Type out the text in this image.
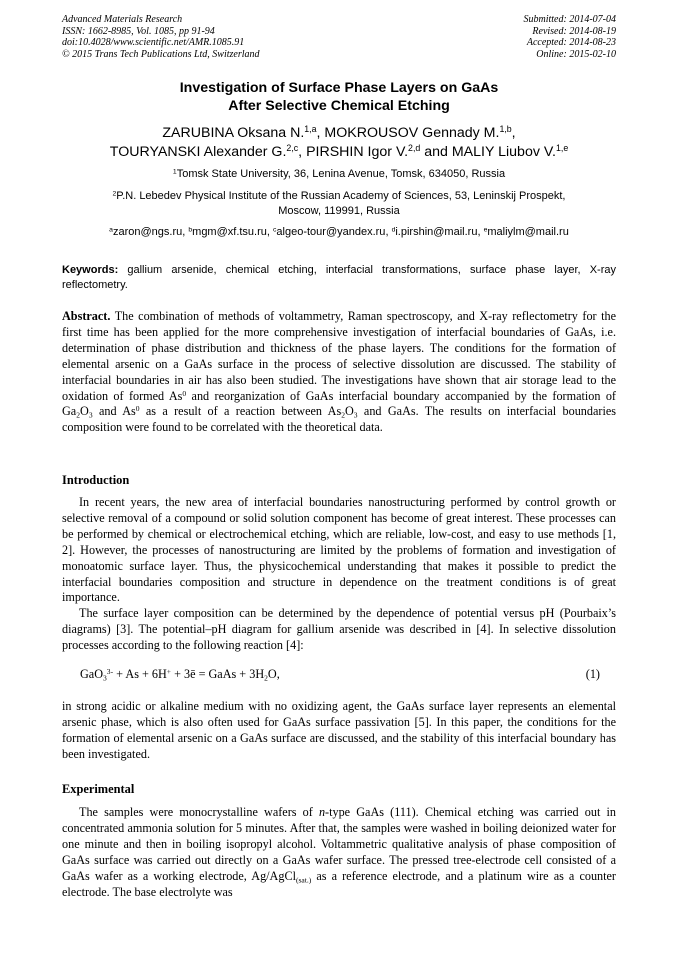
Advanced Materials Research
ISSN: 1662-8985, Vol. 1085, pp 91-94
doi:10.4028/www.scientific.net/AMR.1085.91
© 2015 Trans Tech Publications Ltd, Switzerland
Submitted: 2014-07-04
Revised: 2014-08-19
Accepted: 2014-08-23
Online: 2015-02-10
Investigation of Surface Phase Layers on GaAs
After Selective Chemical Etching
ZARUBINA Oksana N.$^{1,a}$, MOKROUSOV Gennady M.$^{1,b}$,
TOURYANSKI Alexander G.$^{2,c}$, PIRSHIN Igor V.$^{2,d}$ and MALIY Liubov V.$^{1,e}$
$^1$Tomsk State University, 36, Lenina Avenue, Tomsk, 634050, Russia
$^2$P.N. Lebedev Physical Institute of the Russian Academy of Sciences, 53, Leninskij Prospekt,
Moscow, 119991, Russia
$^a$zaron@ngs.ru, $^b$mgm@xf.tsu.ru, $^c$algeo-tour@yandex.ru, $^d$i.pirshin@mail.ru, $^e$maliylm@mail.ru
Keywords: gallium arsenide, chemical etching, interfacial transformations, surface phase layer, X-ray reflectometry.
Abstract. The combination of methods of voltammetry, Raman spectroscopy, and X-ray reflectometry for the first time has been applied for the more comprehensive investigation of interfacial boundaries of GaAs, i.e. determination of phase distribution and thickness of the phase layers. The conditions for the formation of elemental arsenic on a GaAs surface in the process of selective dissolution are discussed. The stability of interfacial boundaries in air has also been studied. The investigations have shown that air storage lead to the oxidation of formed As$^0$ and reorganization of GaAs interfacial boundary accompanied by the formation of $Ga_2O_3$ and As$^0$ as a result of a reaction between $As_2O_3$ and GaAs. The results on interfacial boundaries composition were found to be correlated with the theoretical data.
Introduction

In recent years, the new area of interfacial boundaries nanostructuring performed by control growth or selective removal of a compound or solid solution component has become of great interest. These processes can be performed by chemical or electrochemical etching, which are reliable, low-cost, and easy to use methods [1, 2]. However, the processes of nanostructuring are limited by the problems of formation and investigation of monoatomic surface layer. Thus, the physicochemical understanding that makes it possible to predict the interfacial boundaries composition and structure in dependence on the treatment conditions is of great importance.

The surface layer composition can be determined by the dependence of potential versus pH (Pourbaix’s diagrams) [3]. The potential–pH diagram for gallium arsenide was described in [4]. In selective dissolution processes according to the following reaction [4]:

GaO$_3^{3-}$ + As + 6H+ + 3ē = GaAs + $3H_2O$,	(1)
in strong acidic or alkaline medium with no oxidizing agent, the GaAs surface layer represents an elemental arsenic phase, which is also often used for GaAs surface passivation [5]. In this paper, the conditions for the formation of elemental arsenic on a GaAs surface are discussed, and the stability of this interfacial boundary has been investigated.
Experimental

The samples were monocrystalline wafers of n-type GaAs (111). Chemical etching was carried out in concentrated ammonia solution for 5 minutes. After that, the samples were washed in boiling deionized water for one minute and then in boiling isopropyl alcohol. Voltammetric qualitative analysis of phase composition of GaAs surface was carried out directly on a GaAs wafer surface. The pressed tree-electrode cell consisted of a GaAs wafer as a working electrode, Ag/AgCl$_{(sat.)}$ as a reference electrode, and a platinum wire as a counter electrode. The base electrolyte was
